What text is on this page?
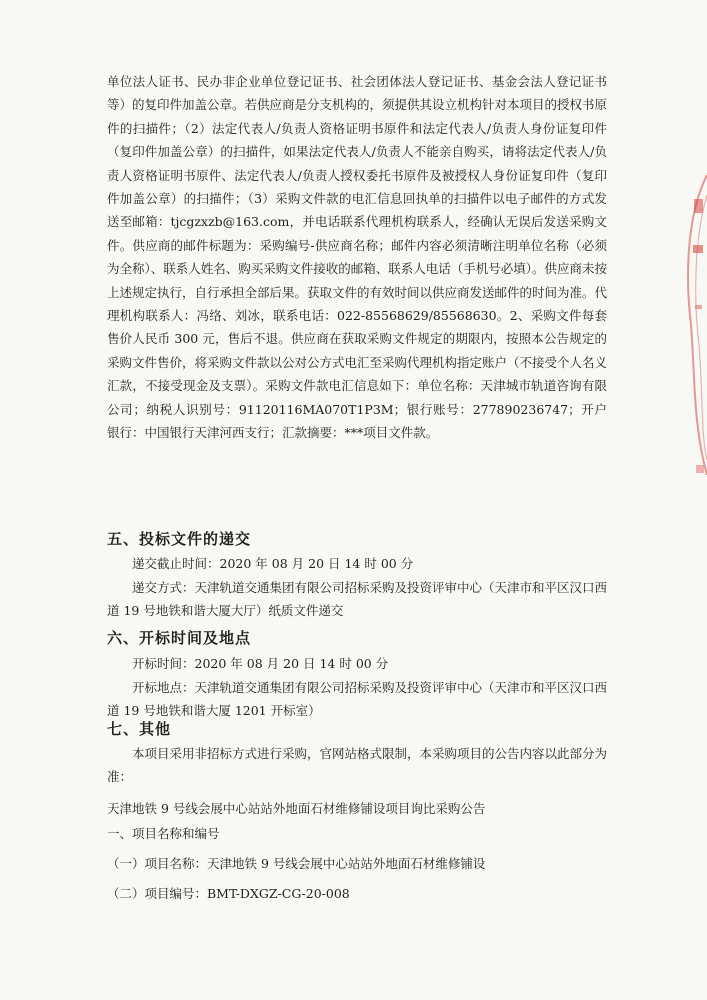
单位法人证书、民办非企业单位登记证书、社会团体法人登记证书、基金会法人登记证书等）的复印件加盖公章。若供应商是分支机构的，须提供其设立机构针对本项目的授权书原件的扫描件；（2）法定代表人/负责人资格证明书原件和法定代表人/负责人身份证复印件（复印件加盖公章）的扫描件，如果法定代表人/负责人不能亲自购买，请将法定代表人/负责人资格证明书原件、法定代表人/负责人授权委托书原件及被授权人身份证复印件（复印件加盖公章）的扫描件；（3）采购文件款的电汇信息回执单的扫描件以电子邮件的方式发送至邮箱：tjcgzxzb@163.com，并电话联系代理机构联系人，经确认无误后发送采购文件。供应商的邮件标题为：采购编号-供应商名称；邮件内容必须清晰注明单位名称（必须为全称）、联系人姓名、购买采购文件接收的邮箱、联系人电话（手机号必填）。供应商未按上述规定执行，自行承担全部后果。获取文件的有效时间以供应商发送邮件的时间为准。代理机构联系人：冯络、刘冰，联系电话：022-85568629/85568630。2、采购文件每套售价人民币 300 元，售后不退。供应商在获取采购文件规定的期限内，按照本公告规定的采购文件售价，将采购文件款以公对公方式电汇至采购代理机构指定账户（不接受个人名义汇款，不接受现金及支票）。采购文件款电汇信息如下：单位名称：天津城市轨道咨询有限公司；纳税人识别号：91120116MA070T1P3M；银行账号：277890236747；开户银行：中国银行天津河西支行；汇款摘要：***项目文件款。

五、投标文件的递交
递交截止时间：2020 年 08 月 20 日 14 时 00 分
递交方式：天津轨道交通集团有限公司招标采购及投资评审中心（天津市和平区汉口西道 19 号地铁和谐大厦大厅）纸质文件递交
六、开标时间及地点
开标时间：2020 年 08 月 20 日 14 时 00 分
开标地点：天津轨道交通集团有限公司招标采购及投资评审中心（天津市和平区汉口西道 19 号地铁和谐大厦 1201 开标室）
七、其他
本项目采用非招标方式进行采购，官网站格式限制，本采购项目的公告内容以此部分为准：
天津地铁 9 号线会展中心站站外地面石材维修铺设项目询比采购公告
一、项目名称和编号
（一）项目名称：天津地铁 9 号线会展中心站站外地面石材维修铺设
（二）项目编号：BMT-DXGZ-CG-20-008
